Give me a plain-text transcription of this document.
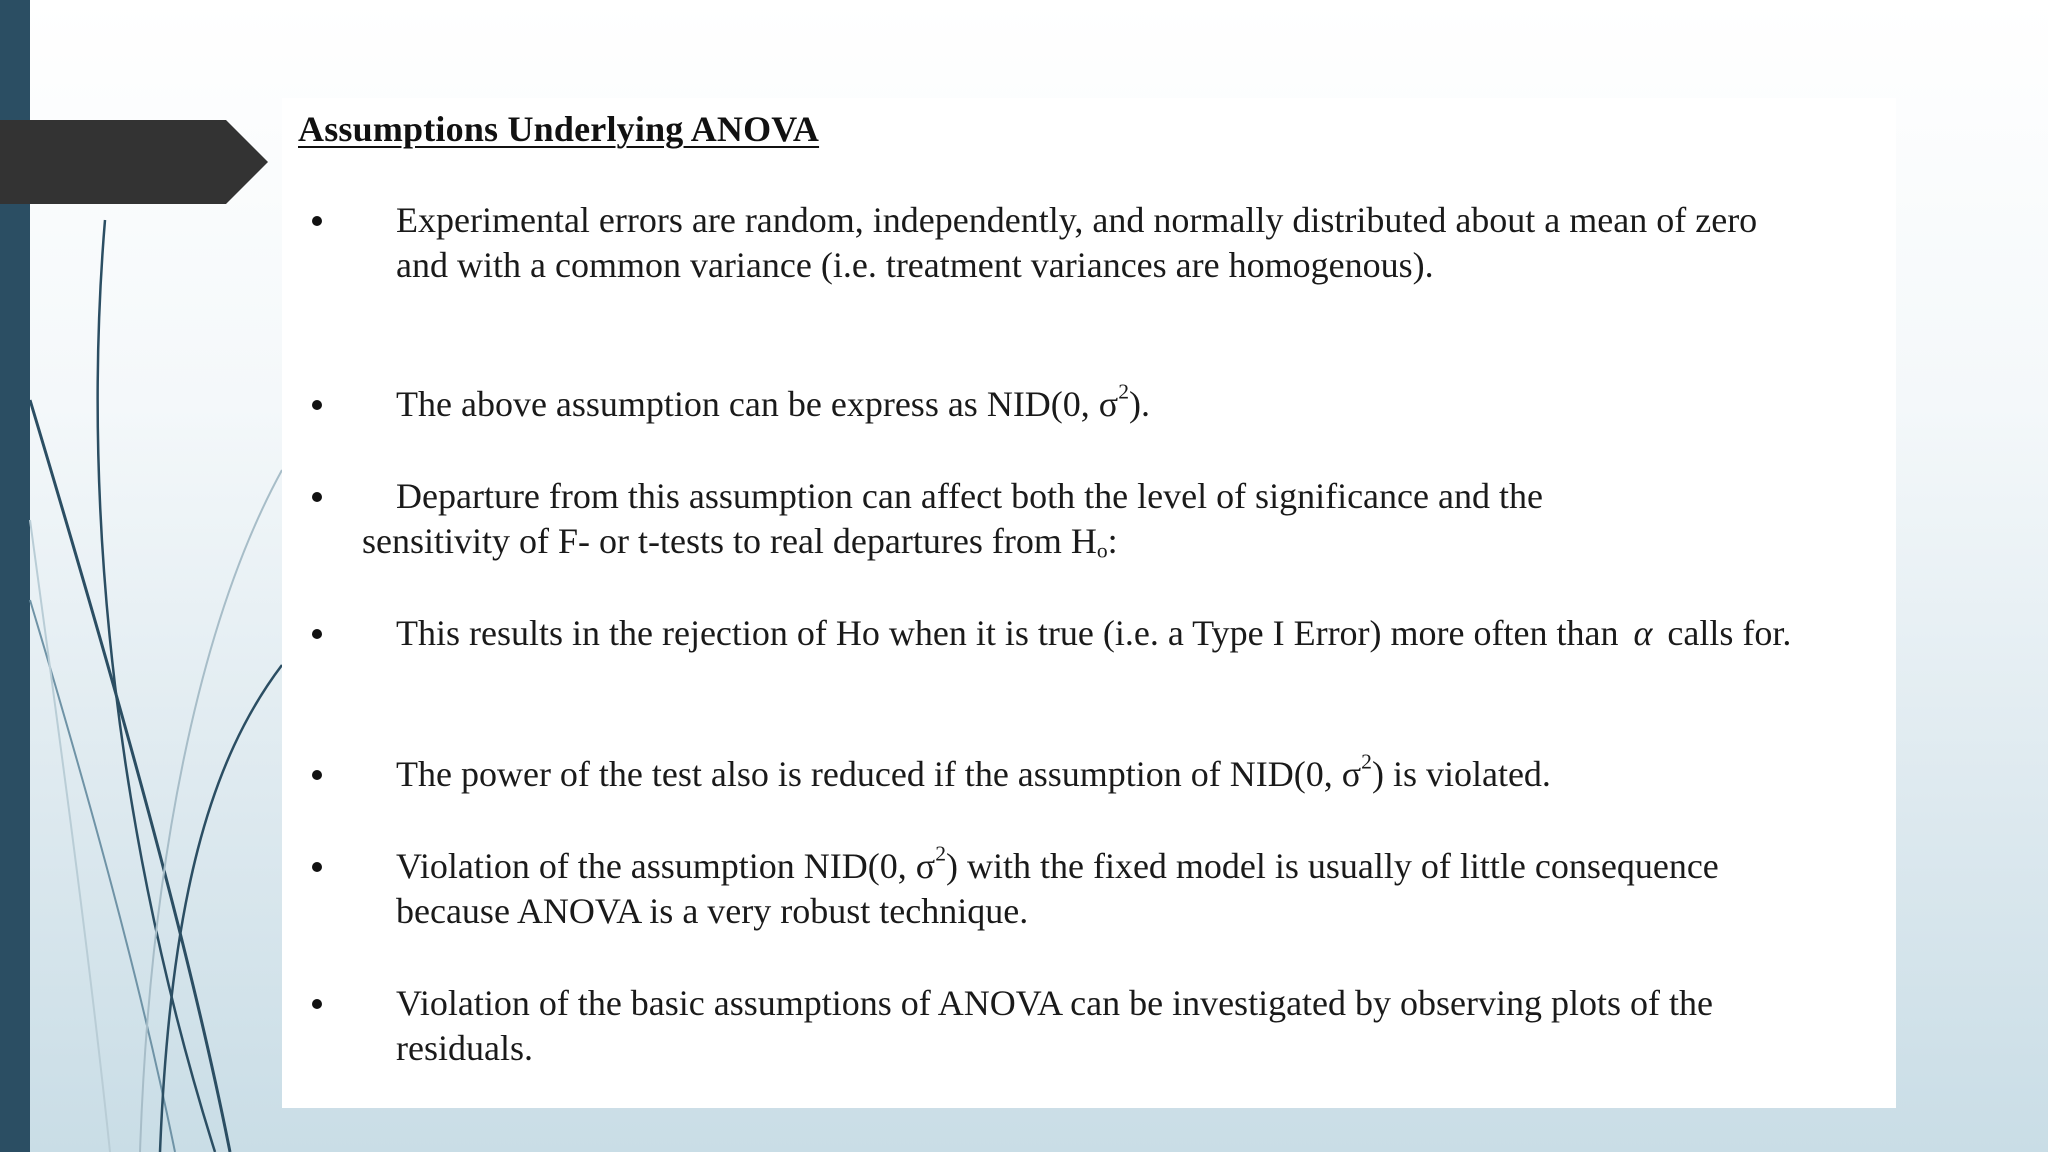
Assumptions Underlying ANOVA
Experimental errors are random, independently, and normally distributed about a mean of zero and with a common variance (i.e. treatment variances are homogenous).
The above assumption can be express as NID(0, $\sigma^2$).
Departure from this assumption can affect both the level of significance and the
sensitivity of F- or t-tests to real departures from $H_o$:
This results in the rejection of Ho when it is true (i.e. a Type I Error) more often than α calls for.
The power of the test also is reduced if the assumption of NID(0, $\sigma^2$) is violated.
Violation of the assumption NID(0, $\sigma^2$) with the fixed model is usually of little consequence because ANOVA is a very robust technique.
Violation of the basic assumptions of ANOVA can be investigated by observing plots of the residuals.
